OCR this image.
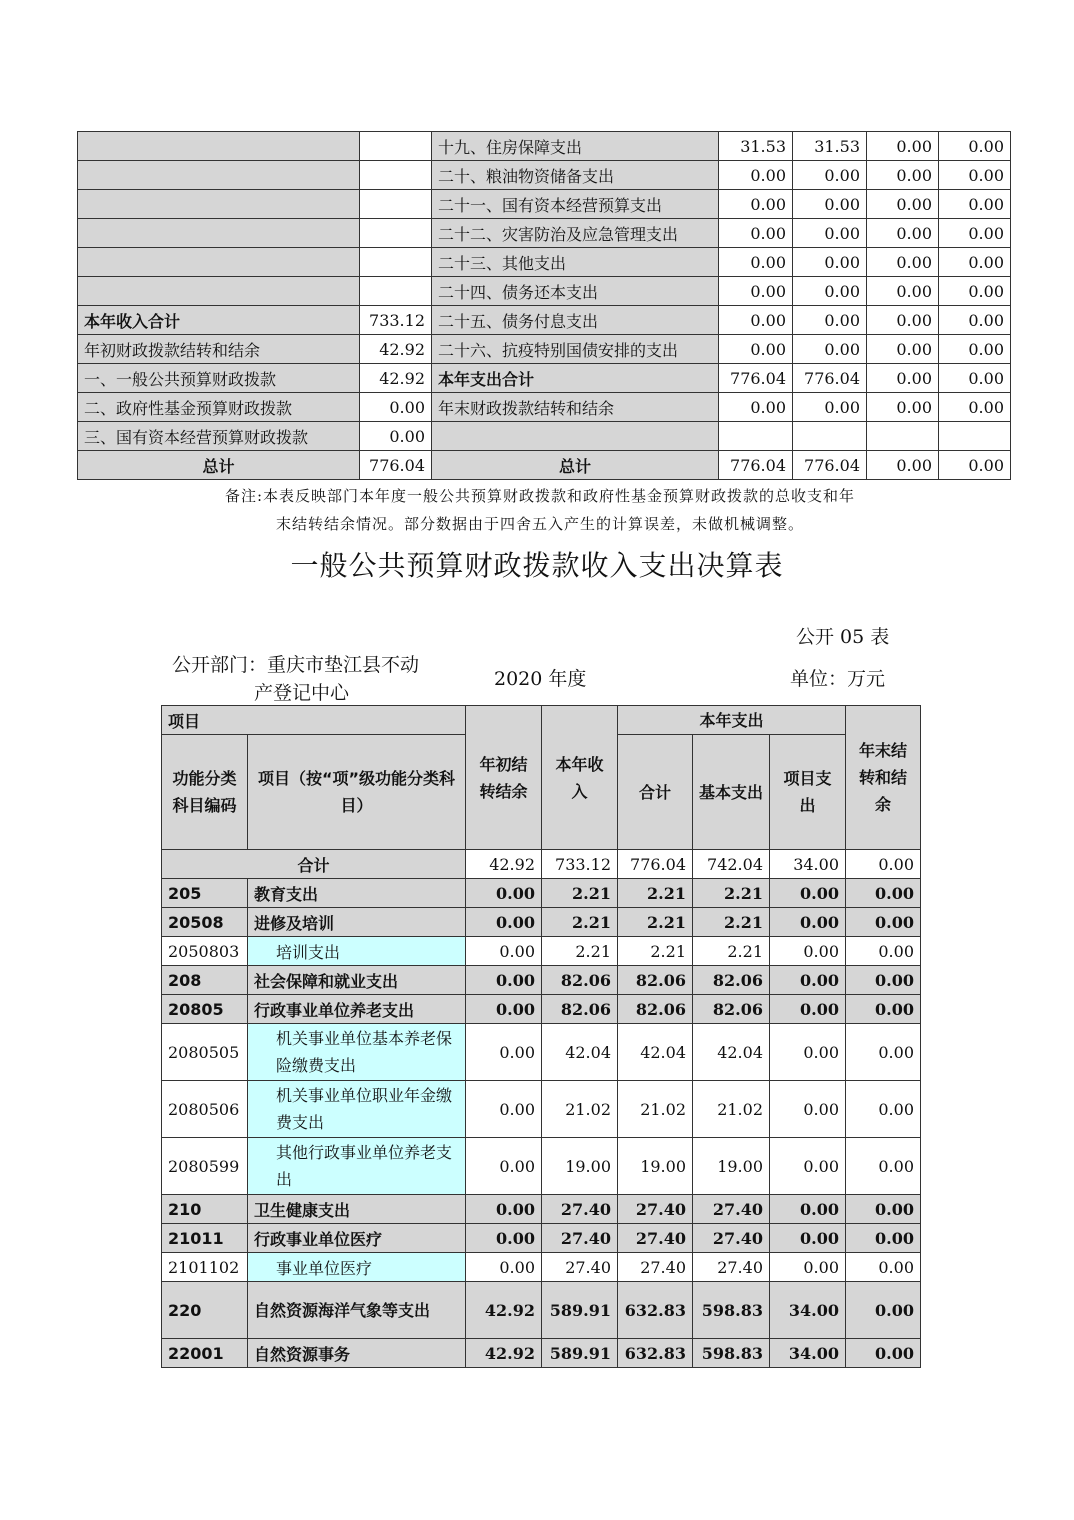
		十九、住房保障支出	31.53	31.53	0.00	0.00
		二十、粮油物资储备支出	0.00	0.00	0.00	0.00
		二十一、国有资本经营预算支出	0.00	0.00	0.00	0.00
		二十二、灾害防治及应急管理支出	0.00	0.00	0.00	0.00
		二十三、其他支出	0.00	0.00	0.00	0.00
		二十四、债务还本支出	0.00	0.00	0.00	0.00
本年收入合计	733.12	二十五、债务付息支出	0.00	0.00	0.00	0.00
年初财政拨款结转和结余	42.92	二十六、抗疫特别国债安排的支出	0.00	0.00	0.00	0.00
一、一般公共预算财政拨款	42.92	本年支出合计	776.04	776.04	0.00	0.00
二、政府性基金预算财政拨款	0.00	年末财政拨款结转和结余	0.00	0.00	0.00	0.00
三、国有资本经营预算财政拨款	0.00					
总计	776.04	总计	776.04	776.04	0.00	0.00
备注:本表反映部门本年度一般公共预算财政拨款和政府性基金预算财政拨款的总收支和年
末结转结余情况。部分数据由于四舍五入产生的计算误差，未做机械调整。
一般公共预算财政拨款收入支出决算表
公开 05 表
公开部门：重庆市垫江县不动
产登记中心
2020 年度	单位：万元
项目		年初结转结余	本年收入	本年支出			年末结转和结余
功能分类科目编码	项目（按“项”级功能分类科目）			合计	基本支出	项目支出	
合计		42.92	733.12	776.04	742.04	34.00	0.00
205	教育支出	0.00	2.21	2.21	2.21	0.00	0.00
20508	进修及培训	0.00	2.21	2.21	2.21	0.00	0.00
2050803	培训支出	0.00	2.21	2.21	2.21	0.00	0.00
208	社会保障和就业支出	0.00	82.06	82.06	82.06	0.00	0.00
20805	行政事业单位养老支出	0.00	82.06	82.06	82.06	0.00	0.00
2080505	机关事业单位基本养老保险缴费支出	0.00	42.04	42.04	42.04	0.00	0.00
2080506	机关事业单位职业年金缴费支出	0.00	21.02	21.02	21.02	0.00	0.00
2080599	其他行政事业单位养老支出	0.00	19.00	19.00	19.00	0.00	0.00
210	卫生健康支出	0.00	27.40	27.40	27.40	0.00	0.00
21011	行政事业单位医疗	0.00	27.40	27.40	27.40	0.00	0.00
2101102	事业单位医疗	0.00	27.40	27.40	27.40	0.00	0.00
220	自然资源海洋气象等支出	42.92	589.91	632.83	598.83	34.00	0.00
22001	自然资源事务	42.92	589.91	632.83	598.83	34.00	0.00
